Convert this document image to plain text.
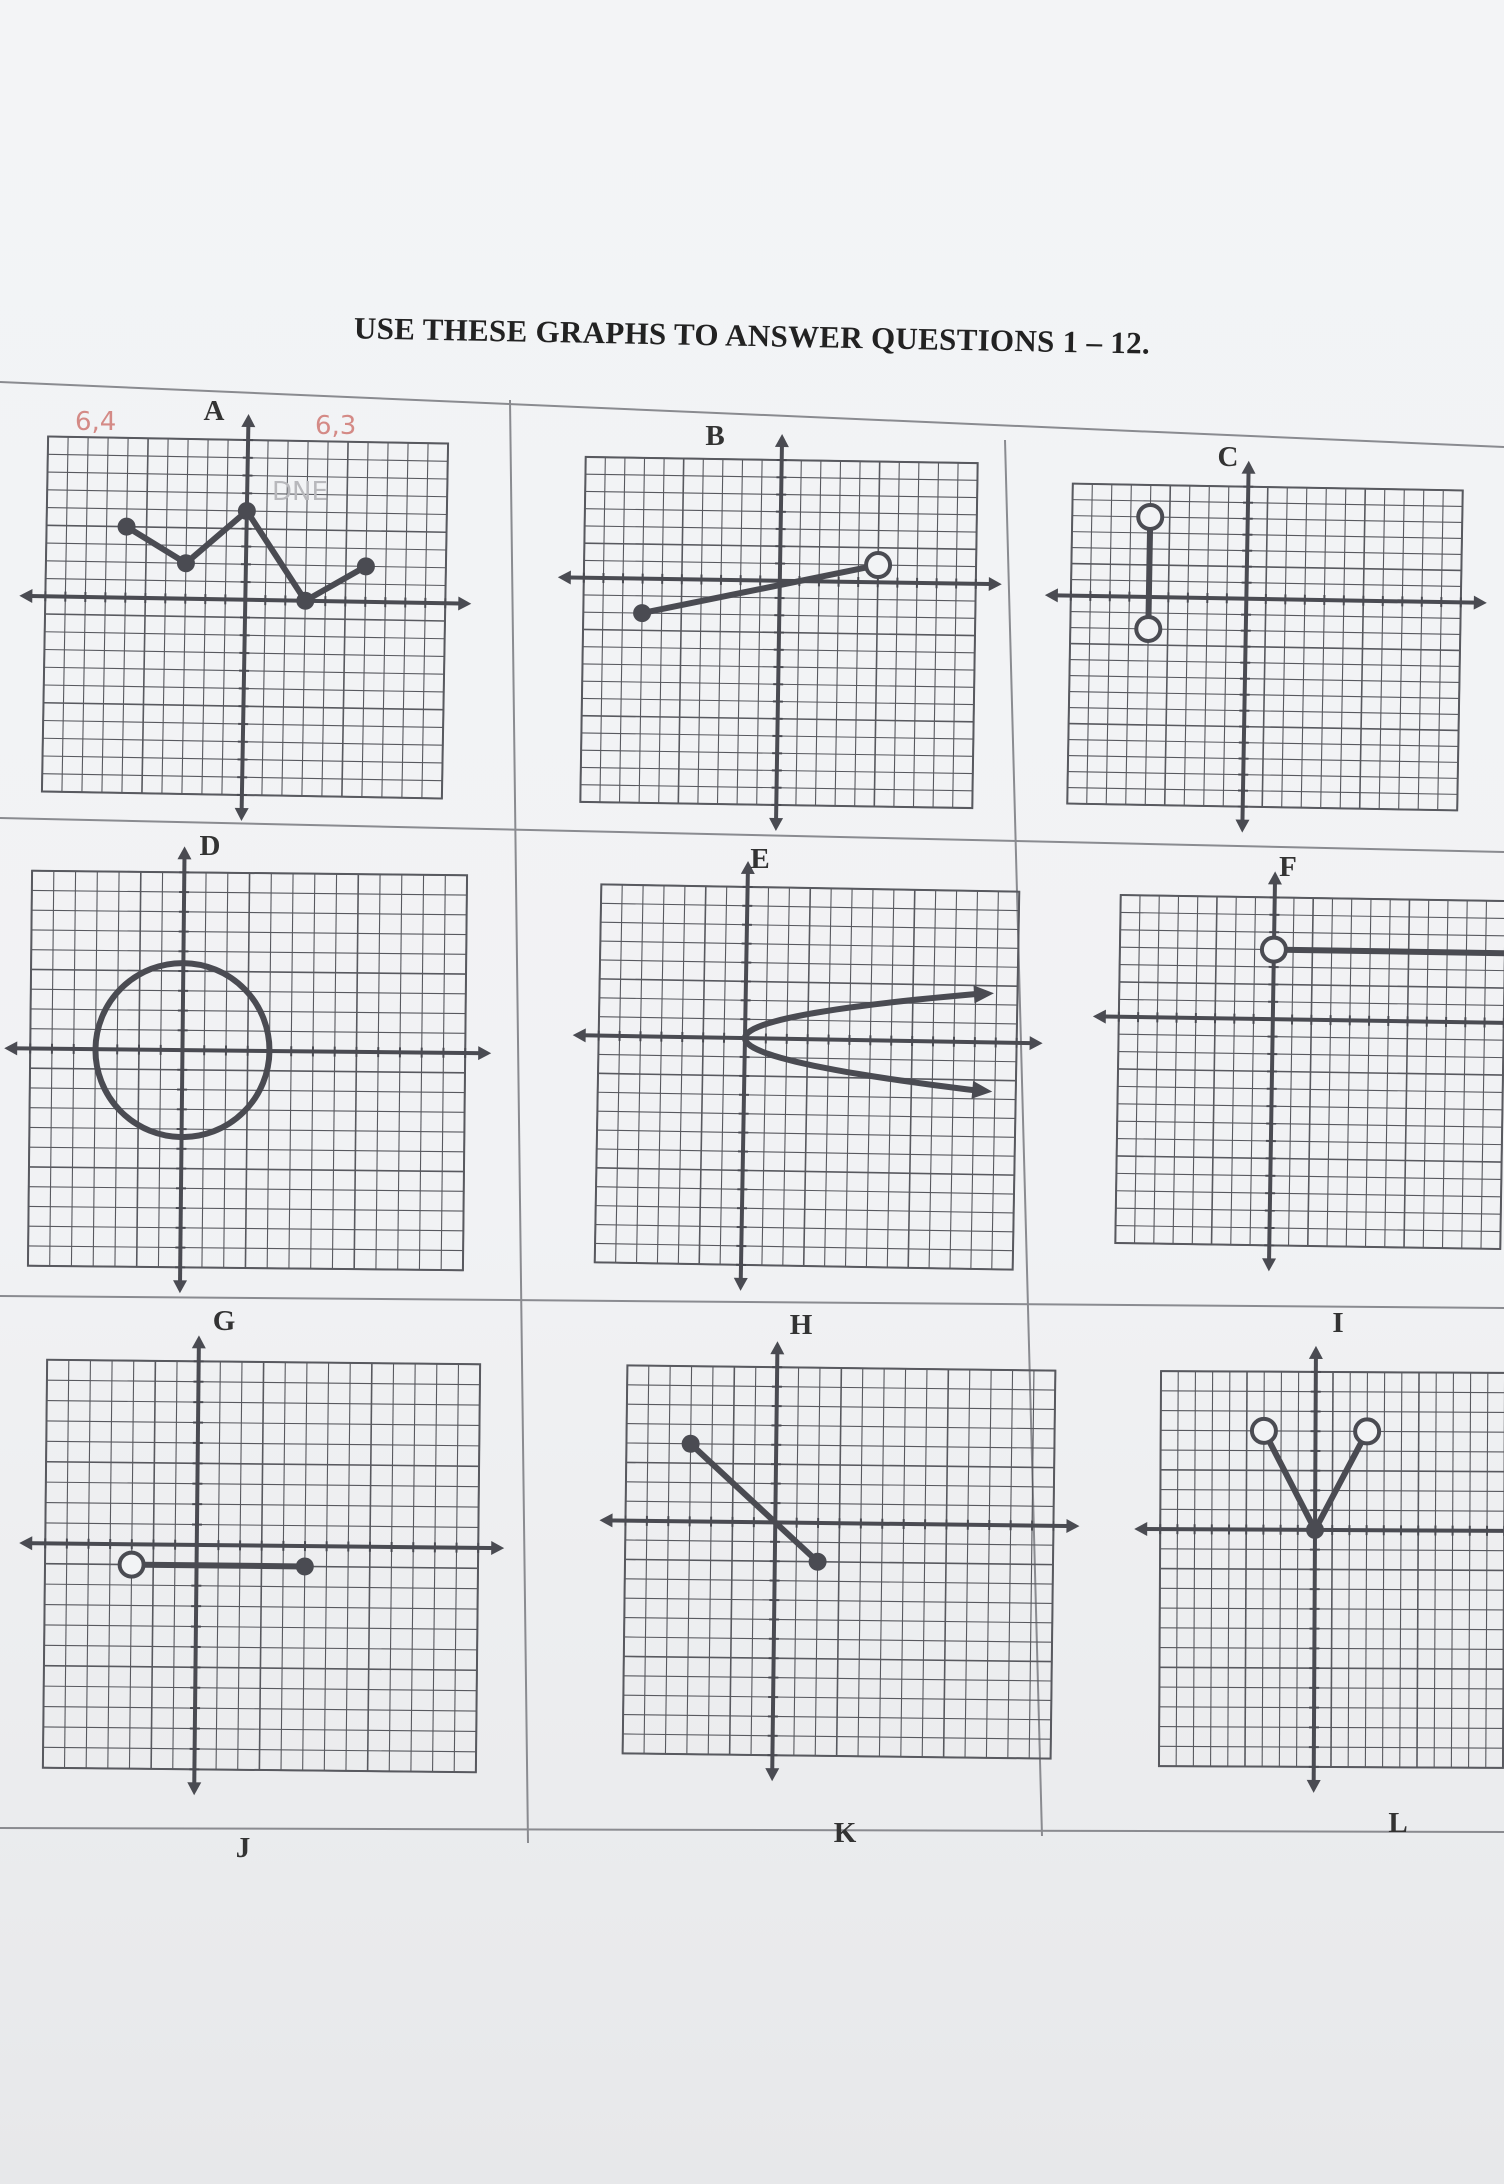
USE THESE GRAPHS TO ANSWER QUESTIONS 1 – 12.
A
B
C
D	E	F
G	H	I
J	K	L
6,4	6,3
DNE
